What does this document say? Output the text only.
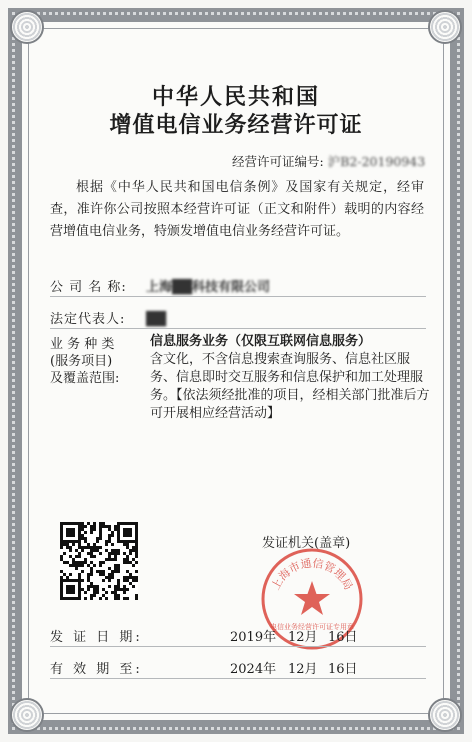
中华人民共和国
增值电信业务经营许可证
经营许可证编号: 沪B2-20190943
根据《中华人民共和国电信条例》及国家有关规定，经审查，准许你公司按照本经营许可证（正文和附件）载明的内容经营增值电信业务，特颁发增值电信业务经营许可证。
公 司 名 称: 上海██科技有限公司
法定代表人: ██
业 务 种 类
(服务项目)
及覆盖范围:
信息服务业务（仅限互联网信息服务）
含文化，不含信息搜索查询服务、信息社区服务、信息即时交互服务和信息保护和加工处理服务。【依法须经批准的项目，经相关部门批准后方可开展相应经营活动】
发证机关(盖章)
上海市通信管理局
电信业务经营许可证专用章
发 证 日 期:	2019年 12月 16日
有 效 期 至:	2024年 12月 16日
